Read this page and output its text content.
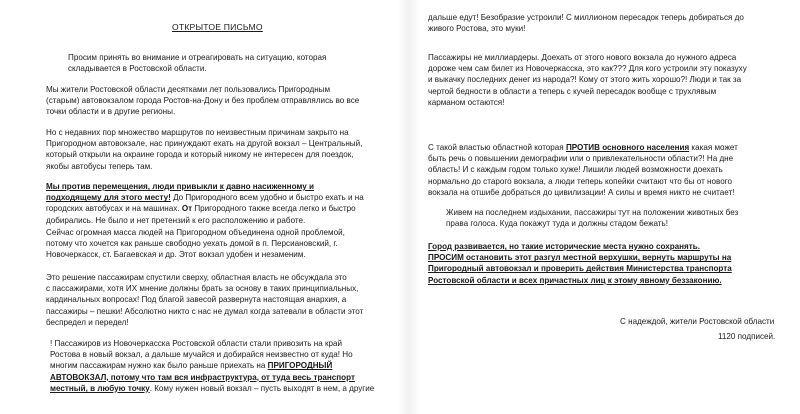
ОТКРЫТОЕ ПИСЬМО

Просим принять во внимание и отреагировать на ситуацию, которая
складывается в Ростовской области.

Мы жители Ростовской области десятками лет пользовались Пригородным
(старым) автовокзалом города Ростов-на-Дону и без проблем отправлялись во все
точки области и в другие регионы.

Но с недавних пор множество маршрутов по неизвестным причинам закрыто на
Пригородном автовокзале, нас принуждают ехать на другой вокзал – Центральный,
который открыли на окраине города и который никому не интересен для поездок,
якобы автобусы теперь там.

Мы против перемещения, люди привыкли к давно насиженному и
подходящему для этого месту! До Пригородного всем удобно и быстро ехать и на
городских автобусах и на машинах. От Пригородного также всегда легко и быстро
добирались. Не было и нет претензий к его расположению и работе.

Сейчас огромная масса людей на Пригородном объединена одной проблемой,
потому что хочется как раньше свободно уехать домой в п. Персиановский, г.
Новочеркасск, ст. Багаевская и др. Этот вокзал удобен и незаменим.

Это решение пассажирам спустили сверху, областная власть не обсуждала это
с пассажирами, хотя ИХ мнение должны брать за основу в таких принципиальных,
кардинальных вопросах! Под благой завесой развернута настоящая анархия, а
пассажиры – пешки! Абсолютно никто с нас не думал когда затевали в области этот
беспредел и передел!

! Пассажиров из Новочеркасска Ростовской области стали привозить на край
Ростова в новый вокзал, а дальше мучайся и добирайся неизвестно от куда! Но
многим пассажирам нужно как было раньше приехать на ПРИГОРОДНЫЙ
АВТОВОКЗАЛ, потому что там вся инфраструктура, от туда весь транспорт
местный, в любую точку. Кому нужен новый вокзал – пусть выходят в нем, а другие

дальше едут! Безобразие устроили! С миллионом пересадок теперь добираться до
живого Ростова, это муки!

Пассажиры не миллиардеры. Доехать от этого нового вокзала до нужного адреса
дороже чем сам билет из Новочеркасска, это как??? Для кого устроили эту показуху
и выкачку последних денег из народа?! Кому от этого жить хорошо?! Люди и так за
чертой бедности в области а теперь с кучей пересадок вообще с трухлявым
карманом остаются!

С такой властью областной которая ПРОТИВ основного населения какая может
быть речь о повышении демографии или о привлекательности области?! На дне
область! И с каждым годом только хуже! Лишили людей возможности доехать
нормально до старого вокзала, а люди теперь копейки считают что бы от нового
вокзала на отшибе добраться до цивилизации! А силы и время никто не считает!

Живем на последнем издыхании, пассажиры тут на положении животных без
права голоса. Куда покажут туда и должны стадом бежать!

Город развивается, но такие исторические места нужно сохранять.
ПРОСИМ остановить этот разгул местной верхушки, вернуть маршруты на
Пригородный автовокзал и проверить действия Министерства транспорта
Ростовской области и всех причастных лиц к этому явному беззаконию.

С надеждой, жители Ростовской области
1120 подписей.
